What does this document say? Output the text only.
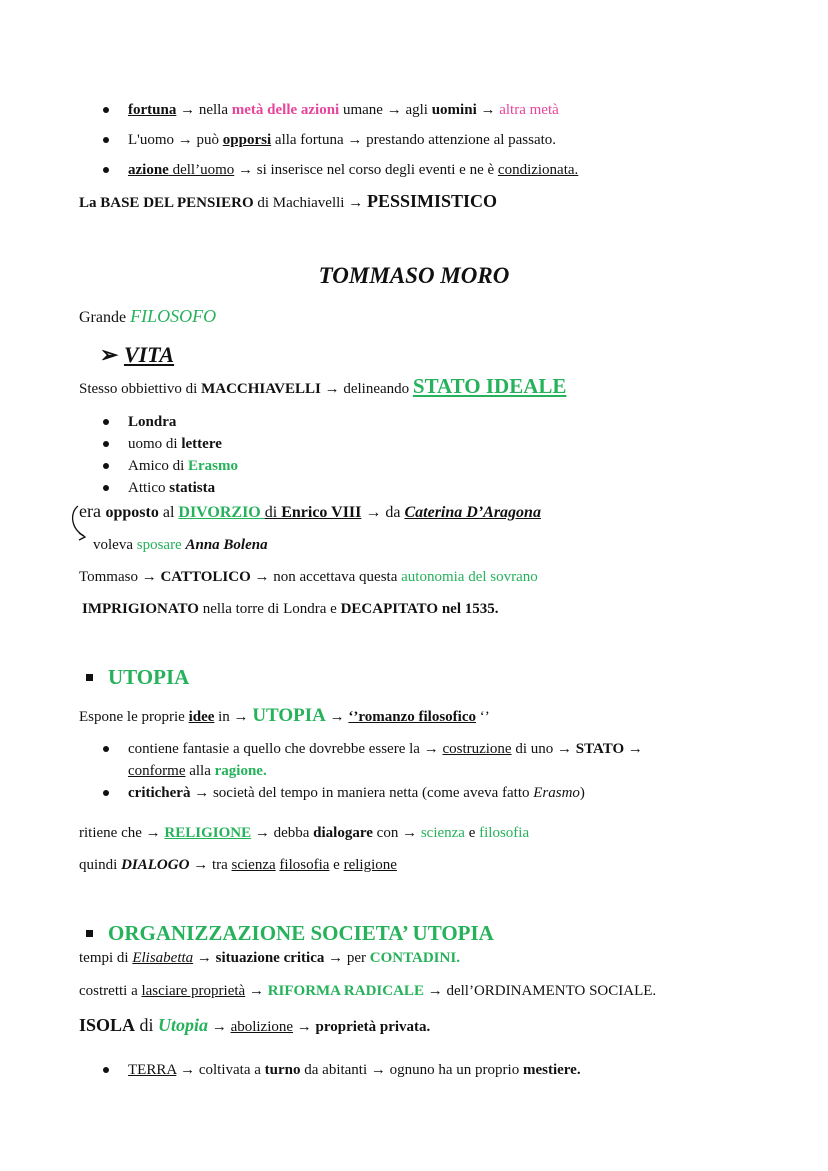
fortuna → nella metà delle azioni umane → agli uomini → altra metà
L'uomo → può opporsi alla fortuna → prestando attenzione al passato.
azione dell’uomo → si inserisce nel corso degli eventi e ne è condizionata.
La BASE DEL PENSIERO di Machiavelli → PESSIMISTICO
TOMMASO MORO
Grande FILOSOFO
➢ VITA
Stesso obbiettivo di MACCHIAVELLI → delineando STATO IDEALE
Londra
uomo di lettere
Amico di Erasmo
Attico statista
era opposto al DIVORZIO di Enrico VIII → da Caterina D’Aragona
voleva sposare Anna Bolena
Tommaso → CATTOLICO → non accettava questa autonomia del sovrano
IMPRIGIONATO nella torre di Londra e DECAPITATO nel 1535.
UTOPIA
Espone le proprie idee in → UTOPIA → ‘’romanzo filosofico ‘’
contiene fantasie a quello che dovrebbe essere la → costruzione di uno → STATO →
conforme alla ragione.
criticherà → società del tempo in maniera netta (come aveva fatto Erasmo)
ritiene che → RELIGIONE → debba dialogare con → scienza e filosofia
quindi DIALOGO → tra scienza filosofia e religione
ORGANIZZAZIONE SOCIETA’ UTOPIA
tempi di Elisabetta → situazione critica → per CONTADINI.
costretti a lasciare proprietà → RIFORMA RADICALE → dell’ORDINAMENTO SOCIALE.
ISOLA di Utopia → abolizione → proprietà privata.
TERRA → coltivata a turno da abitanti → ognuno ha un proprio mestiere.
